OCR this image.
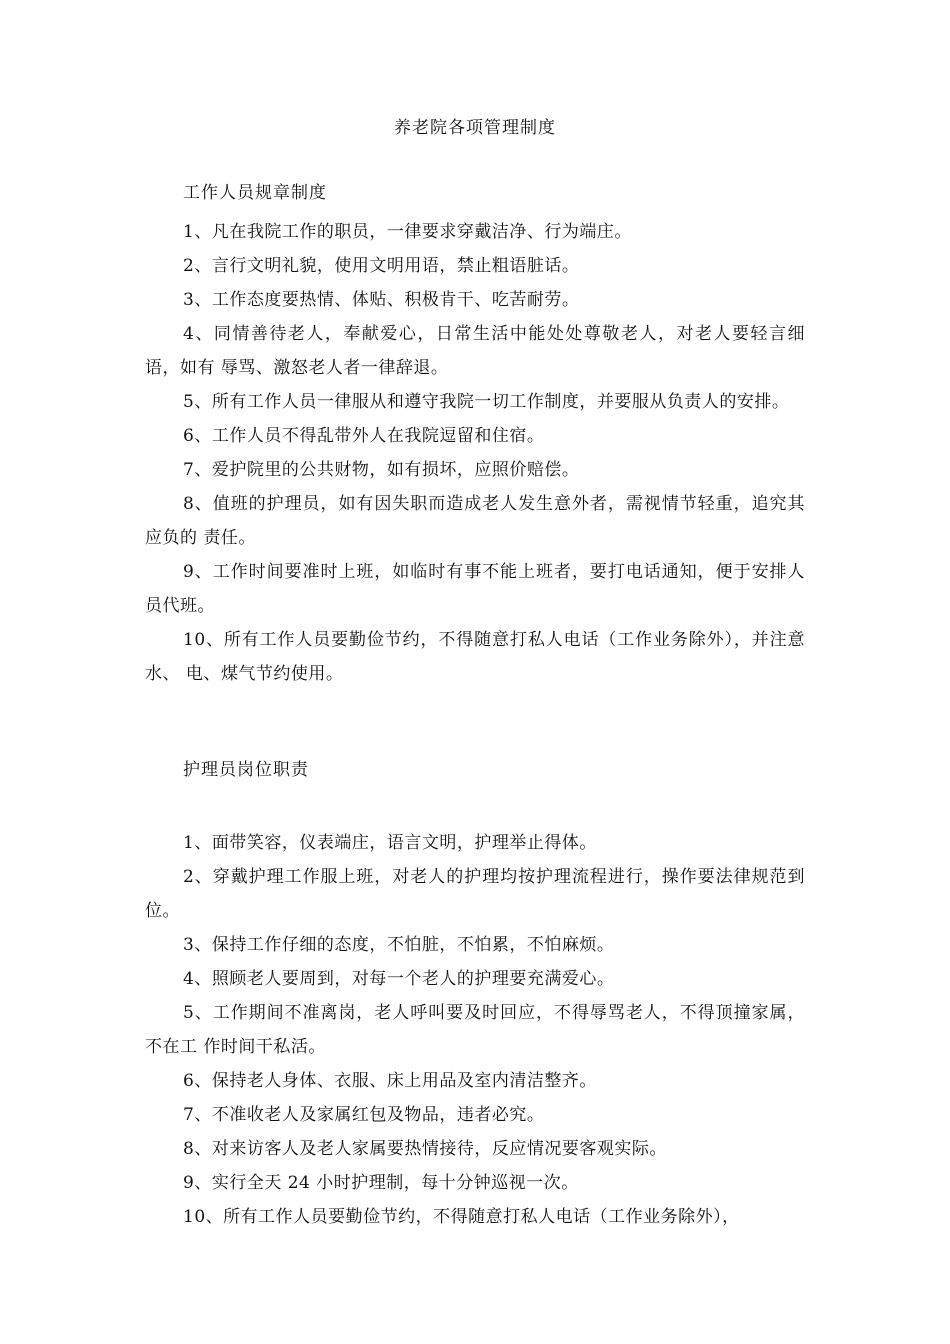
养老院各项管理制度
工作人员规章制度

1、凡在我院工作的职员，一律要求穿戴洁净、行为端庄。

2、言行文明礼貌，使用文明用语，禁止粗语脏话。

3、工作态度要热情、体贴、积极肯干、吃苦耐劳。

4、同情善待老人，奉献爱心，日常生活中能处处尊敬老人，对老人要轻言细语，如有 辱骂、激怒老人者一律辞退。

5、所有工作人员一律服从和遵守我院一切工作制度，并要服从负责人的安排。

6、工作人员不得乱带外人在我院逗留和住宿。

7、爱护院里的公共财物，如有损坏，应照价赔偿。

8、值班的护理员，如有因失职而造成老人发生意外者，需视情节轻重，追究其应负的 责任。

9、工作时间要准时上班，如临时有事不能上班者，要打电话通知，便于安排人员代班。

10、所有工作人员要勤俭节约，不得随意打私人电话（工作业务除外），并注意水、 电、煤气节约使用。

护理员岗位职责

1、面带笑容，仪表端庄，语言文明，护理举止得体。

2、穿戴护理工作服上班，对老人的护理均按护理流程进行，操作要法律规范到位。

3、保持工作仔细的态度，不怕脏，不怕累，不怕麻烦。

4、照顾老人要周到，对每一个老人的护理要充满爱心。

5、工作期间不准离岗，老人呼叫要及时回应，不得辱骂老人，不得顶撞家属，不在工 作时间干私活。

6、保持老人身体、衣服、床上用品及室内清洁整齐。

7、不准收老人及家属红包及物品，违者必究。

8、对来访客人及老人家属要热情接待，反应情况要客观实际。

9、实行全天 24 小时护理制，每十分钟巡视一次。

10、所有工作人员要勤俭节约，不得随意打私人电话（工作业务除外），
